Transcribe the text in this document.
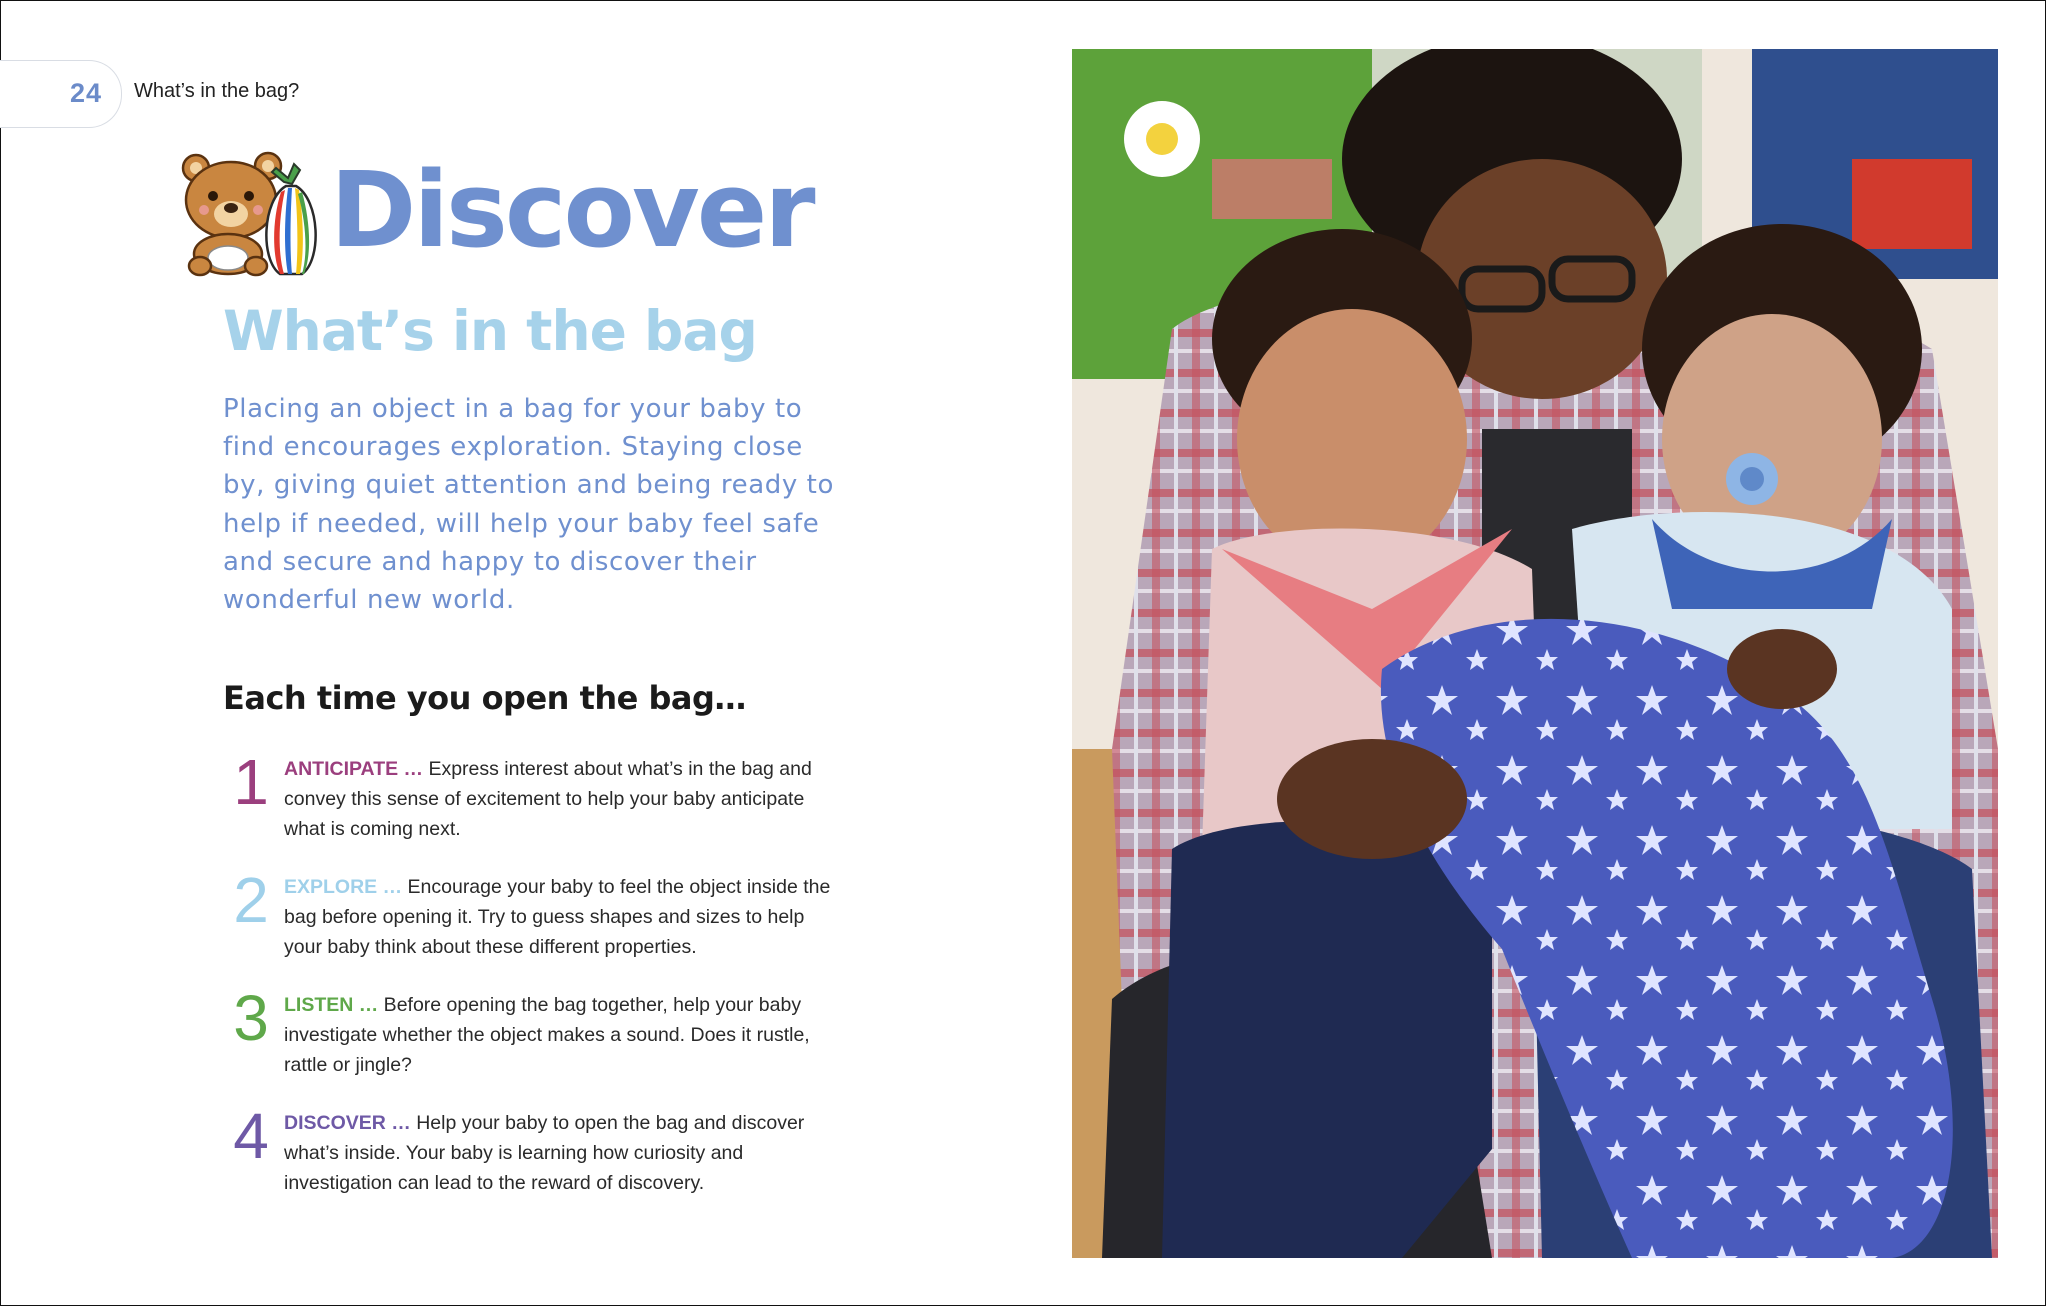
24 What’s in the bag?
Discover
What’s in the bag
Placing an object in a bag for your baby to find encourages exploration. Staying close by, giving quiet attention and being ready to help if needed, will help your baby feel safe and secure and happy to discover their wonderful new world.
Each time you open the bag…
1 ANTICIPATE … Express interest about what’s in the bag and convey this sense of excitement to help your baby anticipate what is coming next.
2 EXPLORE … Encourage your baby to feel the object inside the bag before opening it. Try to guess shapes and sizes to help your baby think about these different properties.
3 LISTEN … Before opening the bag together, help your baby investigate whether the object makes a sound. Does it rustle, rattle or jingle?
4 DISCOVER … Help your baby to open the bag and discover what’s inside. Your baby is learning how curiosity and investigation can lead to the reward of discovery.
